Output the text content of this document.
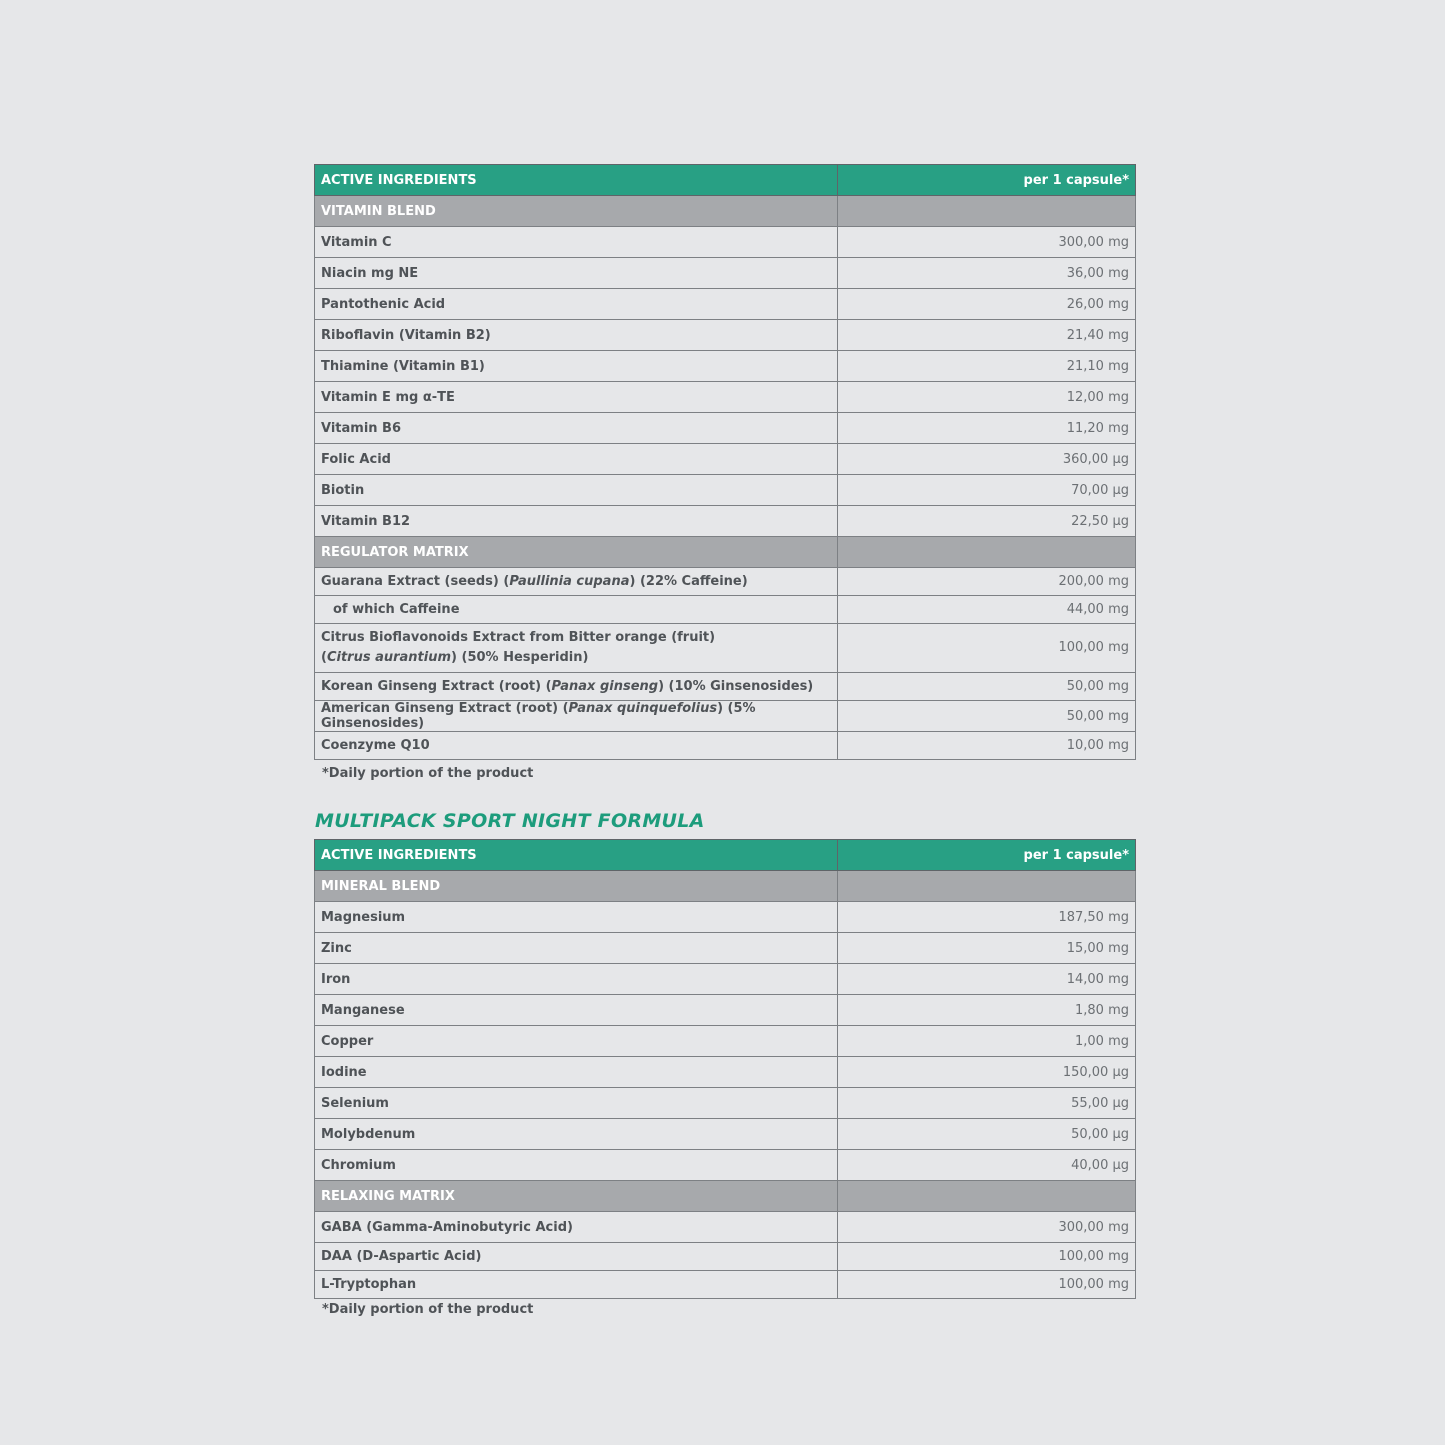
ACTIVE INGREDIENTS	per 1 capsule*
VITAMIN BLEND	
Vitamin C	300,00 mg
Niacin mg NE	36,00 mg
Pantothenic Acid	26,00 mg
Riboflavin (Vitamin B2)	21,40 mg
Thiamine (Vitamin B1)	21,10 mg
Vitamin E mg α-TE	12,00 mg
Vitamin B6	11,20 mg
Folic Acid	360,00 µg
Biotin	70,00 µg
Vitamin B12	22,50 µg
REGULATOR MATRIX	
Guarana Extract (seeds) (Paullinia cupana) (22% Caffeine)	200,00 mg
of which Caffeine	44,00 mg
Citrus Bioflavonoids Extract from Bitter orange (fruit)
(Citrus aurantium) (50% Hesperidin)	100,00 mg
Korean Ginseng Extract (root) (Panax ginseng) (10% Ginsenosides)	50,00 mg
American Ginseng Extract (root) (Panax quinquefolius) (5% Ginsenosides)	50,00 mg
Coenzyme Q10	10,00 mg
*Daily portion of the product
MULTIPACK SPORT NIGHT FORMULA
ACTIVE INGREDIENTS	per 1 capsule*
MINERAL BLEND	
Magnesium	187,50 mg
Zinc	15,00 mg
Iron	14,00 mg
Manganese	1,80 mg
Copper	1,00 mg
Iodine	150,00 µg
Selenium	55,00 µg
Molybdenum	50,00 µg
Chromium	40,00 µg
RELAXING MATRIX	
GABA (Gamma-Aminobutyric Acid)	300,00 mg
DAA (D-Aspartic Acid)	100,00 mg
L-Tryptophan	100,00 mg
*Daily portion of the product
